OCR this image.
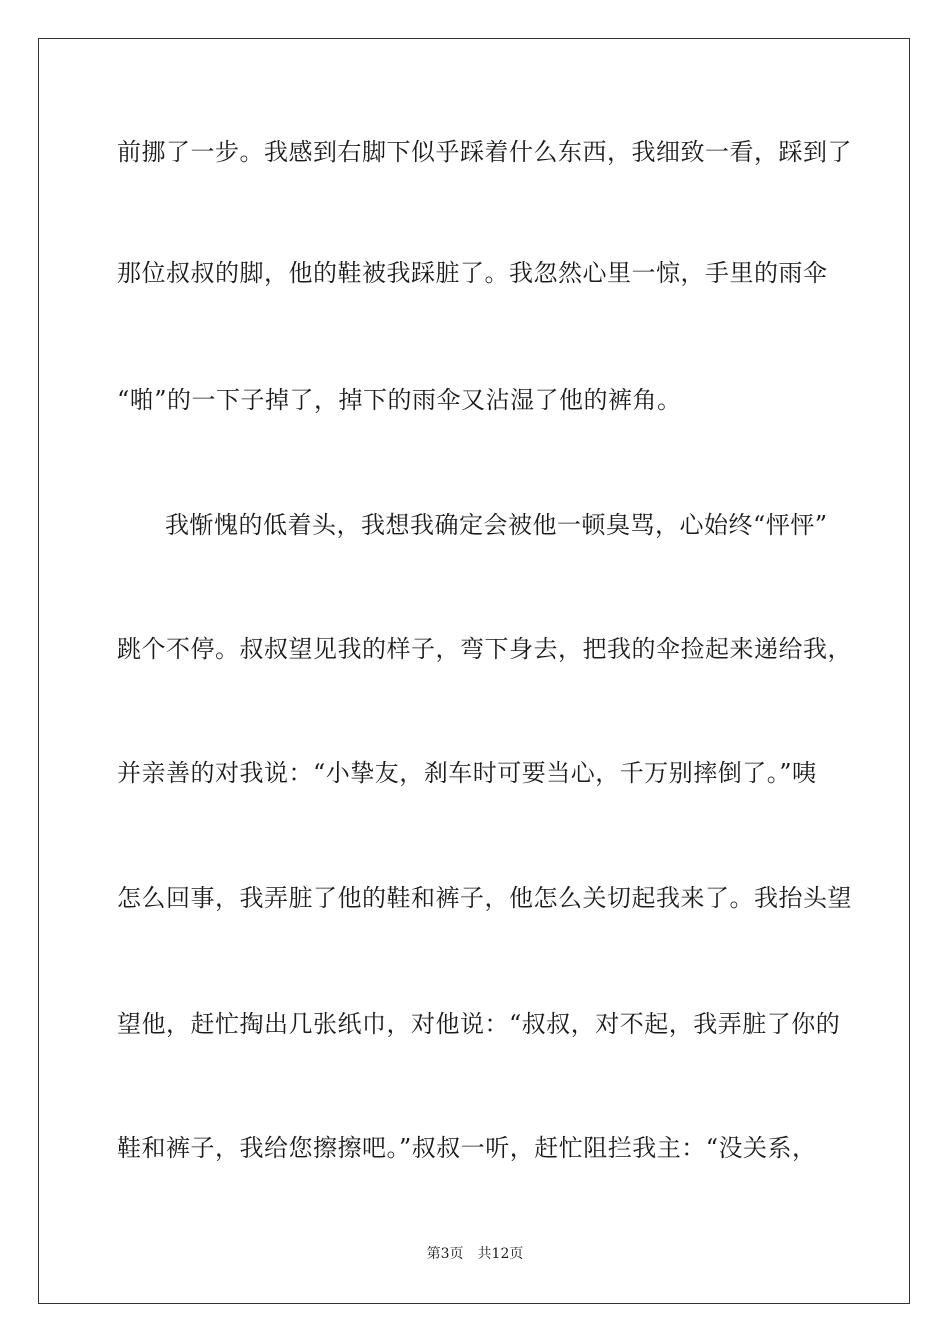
前挪了一步。我感到右脚下似乎踩着什么东西，我细致一看，踩到了
那位叔叔的脚，他的鞋被我踩脏了。我忽然心里一惊，手里的雨伞
“啪”的一下子掉了，掉下的雨伞又沾湿了他的裤角。
我惭愧的低着头，我想我确定会被他一顿臭骂，心始终“怦怦”
跳个不停。叔叔望见我的样子，弯下身去，把我的伞捡起来递给我，
并亲善的对我说：“小挚友，刹车时可要当心，千万别摔倒了。”咦
怎么回事，我弄脏了他的鞋和裤子，他怎么关切起我来了。我抬头望
望他，赶忙掏出几张纸巾，对他说：“叔叔，对不起，我弄脏了你的
鞋和裤子，我给您擦擦吧。”叔叔一听，赶忙阻拦我主：“没关系，
第3页 共12页
